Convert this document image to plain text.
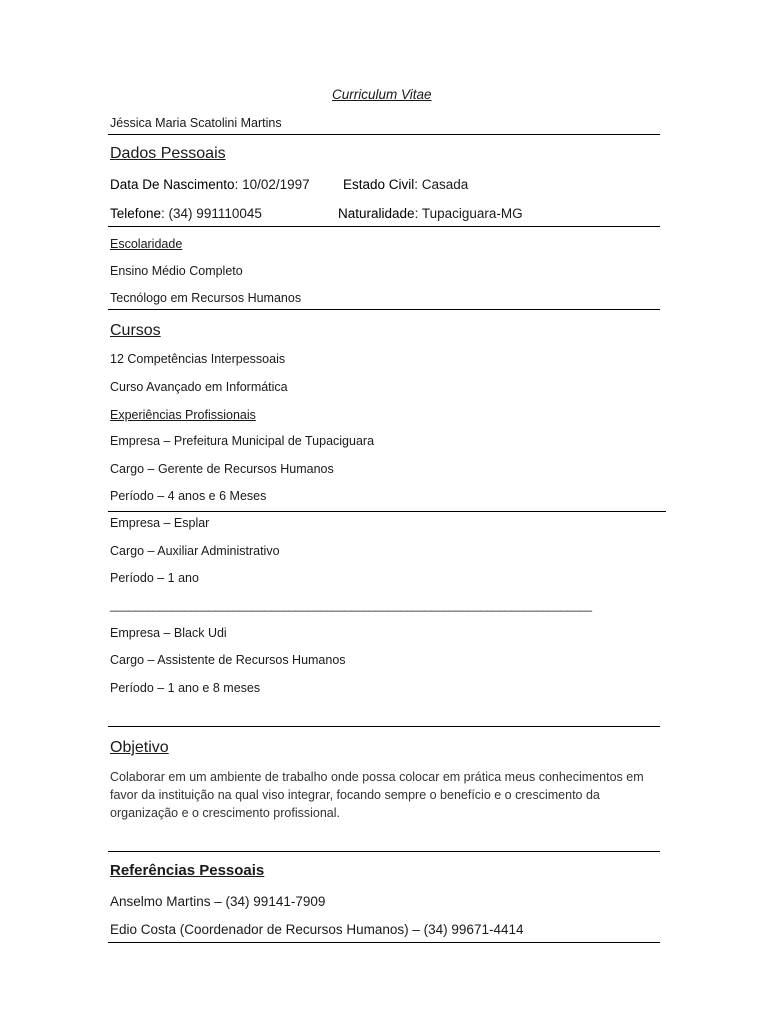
Curriculum Vitae
Jéssica Maria Scatolini Martins
Dados Pessoais
Data De Nascimento: 10/02/1997 Estado Civil: Casada
Telefone: (34) 991110045	Naturalidade: Tupaciguara-MG
Escolaridade
Ensino Médio Completo
Tecnólogo em Recursos Humanos
Cursos
12 Competências Interpessoais
Curso Avançado em Informática
Experiências Profissionais
Empresa – Prefeitura Municipal de Tupaciguara
Cargo – Gerente de Recursos Humanos
Período – 4 anos e 6 Meses
Empresa – Esplar
Cargo – Auxiliar Administrativo
Período – 1 ano
______________________________________________________________________________
Empresa – Black Udi
Cargo – Assistente de Recursos Humanos
Período – 1 ano e 8 meses
Objetivo
Colaborar em um ambiente de trabalho onde possa colocar em prática meus conhecimentos em favor da instituição na qual viso integrar, focando sempre o benefício e o crescimento da organização e o crescimento profissional.
Referências Pessoais
Anselmo Martins – (34) 99141-7909
Edio Costa (Coordenador de Recursos Humanos) – (34) 99671-4414
